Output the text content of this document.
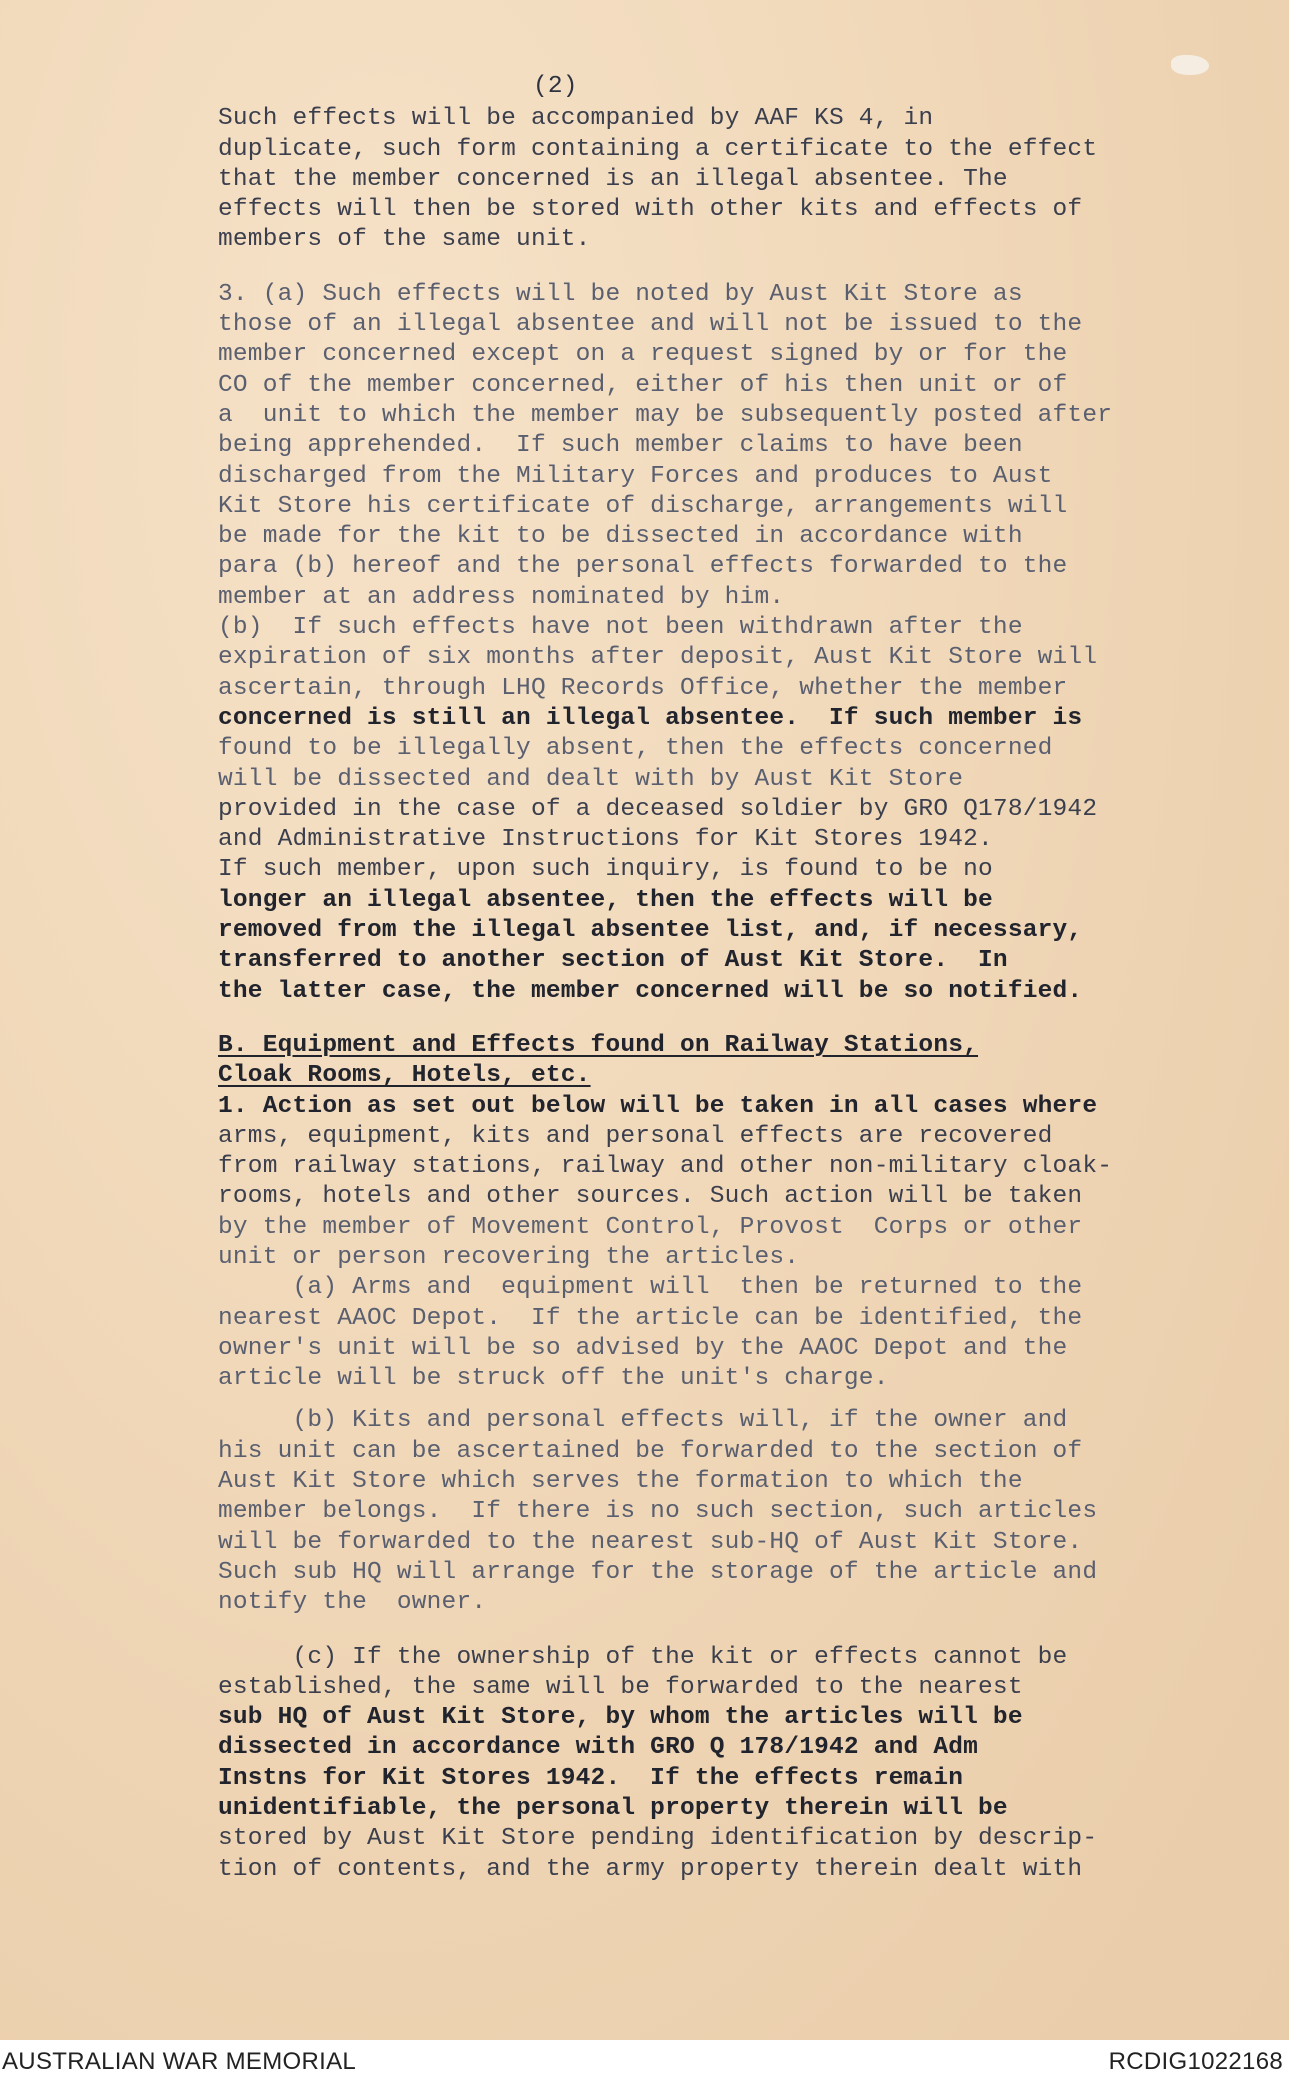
(2)
Such effects will be accompanied by AAF KS 4, in
duplicate, such form containing a certificate to the effect
that the member concerned is an illegal absentee. The
effects will then be stored with other kits and effects of
members of the same unit.
3. (a) Such effects will be noted by Aust Kit Store as
those of an illegal absentee and will not be issued to the
member concerned except on a request signed by or for the
CO of the member concerned, either of his then unit or of
a  unit to which the member may be subsequently posted after
being apprehended.  If such member claims to have been
discharged from the Military Forces and produces to Aust
Kit Store his certificate of discharge, arrangements will
be made for the kit to be dissected in accordance with
para (b) hereof and the personal effects forwarded to the
member at an address nominated by him.
(b)  If such effects have not been withdrawn after the
expiration of six months after deposit, Aust Kit Store will
ascertain, through LHQ Records Office, whether the member
concerned is still an illegal absentee.  If such member is
found to be illegally absent, then the effects concerned
will be dissected and dealt with by Aust Kit Store
provided in the case of a deceased soldier by GRO Q178/1942
and Administrative Instructions for Kit Stores 1942.
If such member, upon such inquiry, is found to be no
longer an illegal absentee, then the effects will be
removed from the illegal absentee list, and, if necessary,
transferred to another section of Aust Kit Store.  In
the latter case, the member concerned will be so notified.
B. Equipment and Effects found on Railway Stations,
Cloak Rooms, Hotels, etc.
1. Action as set out below will be taken in all cases where
arms, equipment, kits and personal effects are recovered
from railway stations, railway and other non-military cloak-
rooms, hotels and other sources. Such action will be taken
by the member of Movement Control, Provost  Corps or other
unit or person recovering the articles.
(a) Arms and  equipment will  then be returned to the
nearest AAOC Depot.  If the article can be identified, the
owner's unit will be so advised by the AAOC Depot and the
article will be struck off the unit's charge.
(b) Kits and personal effects will, if the owner and
his unit can be ascertained be forwarded to the section of
Aust Kit Store which serves the formation to which the
member belongs.  If there is no such section, such articles
will be forwarded to the nearest sub-HQ of Aust Kit Store.
Such sub HQ will arrange for the storage of the article and
notify the  owner.
(c) If the ownership of the kit or effects cannot be
established, the same will be forwarded to the nearest
sub HQ of Aust Kit Store, by whom the articles will be
dissected in accordance with GRO Q 178/1942 and Adm
Instns for Kit Stores 1942.  If the effects remain
unidentifiable, the personal property therein will be
stored by Aust Kit Store pending identification by descrip-
tion of contents, and the army property therein dealt with
AUSTRALIAN WAR MEMORIAL	RCDIG1022168
